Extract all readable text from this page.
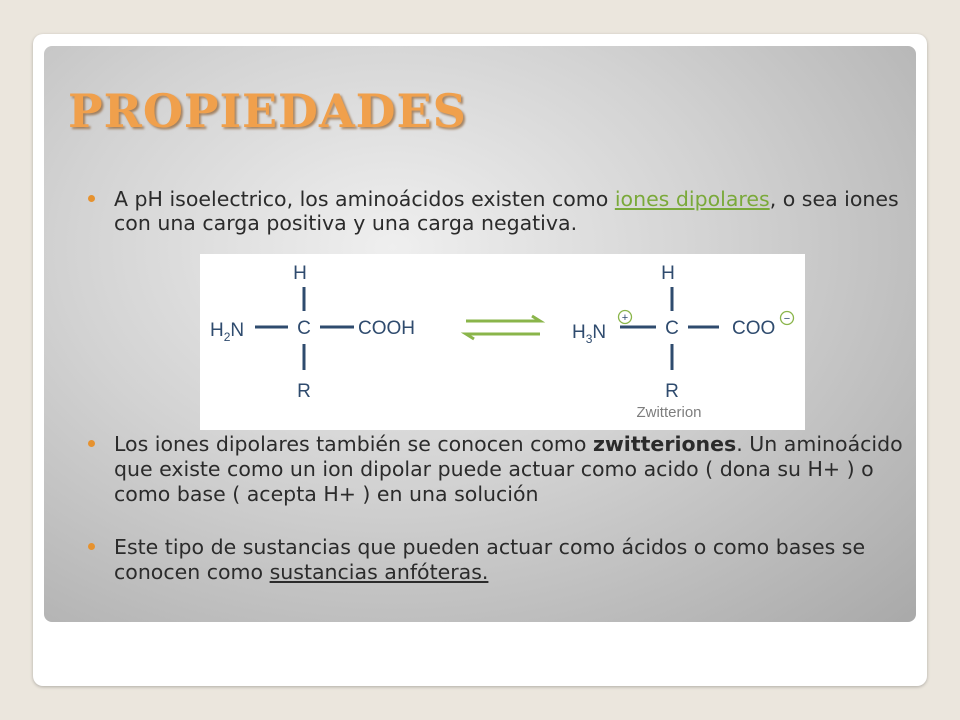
PROPIEDADES

A pH isoelectrico, los aminoácidos existen como iones dipolares, o sea iones con una carga positiva y una carga negativa.

H
$H_2N$	C COOH
R
H
$H_3N$
+ C	COO −
R
Zwitterion

Los iones dipolares también se conocen como zwitteriones. Un aminoácido que existe como un ion dipolar puede actuar como acido ( dona su H+ ) o como base ( acepta H+ ) en una solución

Este tipo de sustancias que pueden actuar como ácidos o como bases se conocen como sustancias anfóteras.
